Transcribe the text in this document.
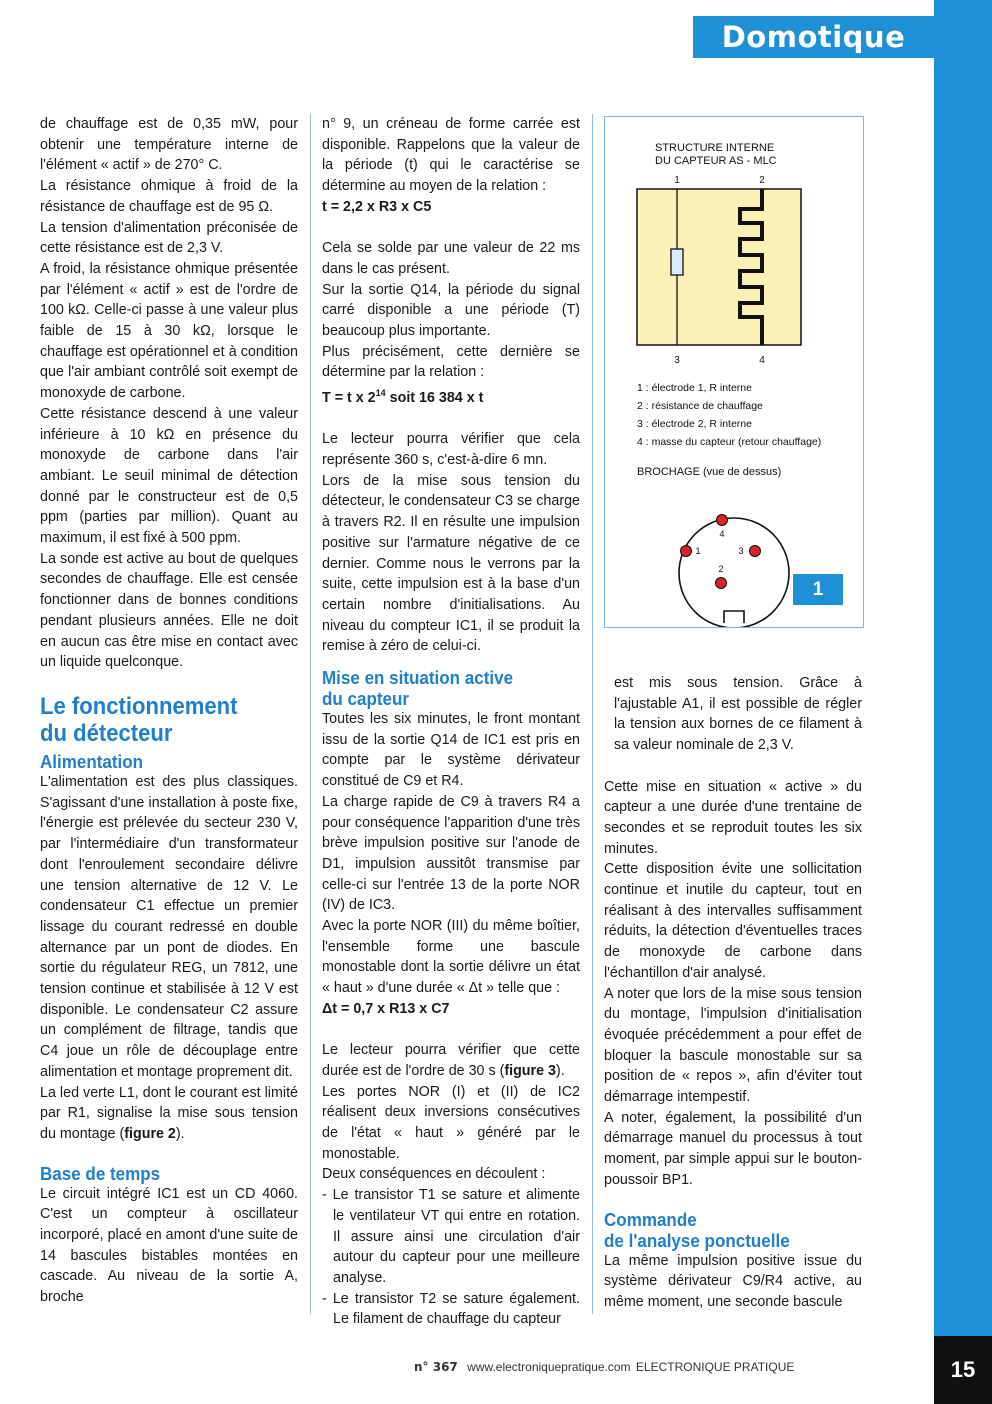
Domotique
15

de chauffage est de 0,35 mW, pour obtenir une température interne de l'élément « actif » de 270° C.

La résistance ohmique à froid de la résistance de chauffage est de 95 Ω.

La tension d'alimentation préconisée de cette résistance est de 2,3 V.

A froid, la résistance ohmique présentée par l'élément « actif » est de l'ordre de 100 kΩ. Celle-ci passe à une valeur plus faible de 15 à 30 kΩ, lorsque le chauffage est opérationnel et à condition que l'air ambiant contrôlé soit exempt de monoxyde de carbone.

Cette résistance descend à une valeur inférieure à 10 kΩ en présence du monoxyde de carbone dans l'air ambiant. Le seuil minimal de détection donné par le constructeur est de 0,5 ppm (parties par million). Quant au maximum, il est fixé à 500 ppm.

La sonde est active au bout de quelques secondes de chauffage. Elle est censée fonctionner dans de bonnes conditions pendant plusieurs années. Elle ne doit en aucun cas être mise en contact avec un liquide quelconque.

Le fonctionnement
du détecteur
Alimentation

L'alimentation est des plus classiques. S'agissant d'une installation à poste fixe, l'énergie est prélevée du secteur 230 V, par l'intermédiaire d'un transformateur dont l'enroulement secondaire délivre une tension alternative de 12 V. Le condensateur C1 effectue un premier lissage du courant redressé en double alternance par un pont de diodes. En sortie du régulateur REG, un 7812, une tension continue et stabilisée à 12 V est disponible. Le condensateur C2 assure un complément de filtrage, tandis que C4 joue un rôle de découplage entre alimentation et montage proprement dit.

La led verte L1, dont le courant est limité par R1, signalise la mise sous tension du montage (figure 2).

Base de temps

Le circuit intégré IC1 est un CD 4060. C'est un compteur à oscillateur incorporé, placé en amont d'une suite de 14 bascules bistables montées en cascade. Au niveau de la sortie A, broche

n° 9, un créneau de forme carrée est disponible. Rappelons que la valeur de la période (t) qui le caractérise se détermine au moyen de la relation :

t = 2,2 x R3 x C5

Cela se solde par une valeur de 22 ms dans le cas présent.

Sur la sortie Q14, la période du signal carré disponible a une période (T) beaucoup plus importante.

Plus précisément, cette dernière se détermine par la relation :

T = t x $2^{14}$ soit 16 384 x t

Le lecteur pourra vérifier que cela représente 360 s, c'est-à-dire 6 mn.

Lors de la mise sous tension du détecteur, le condensateur C3 se charge à travers R2. Il en résulte une impulsion positive sur l'armature négative de ce dernier. Comme nous le verrons par la suite, cette impulsion est à la base d'un certain nombre d'initialisations. Au niveau du compteur IC1, il se produit la remise à zéro de celui-ci.

Mise en situation active
du capteur

Toutes les six minutes, le front montant issu de la sortie Q14 de IC1 est pris en compte par le système dérivateur constitué de C9 et R4.

La charge rapide de C9 à travers R4 a pour conséquence l'apparition d'une très brève impulsion positive sur l'anode de D1, impulsion aussitôt transmise par celle-ci sur l'entrée 13 de la porte NOR (IV) de IC3.

Avec la porte NOR (III) du même boîtier, l'ensemble forme une bascule monostable dont la sortie délivre un état « haut » d'une durée « Δt » telle que :

Δt = 0,7 x R13 x C7

Le lecteur pourra vérifier que cette durée est de l'ordre de 30 s (figure 3).

Les portes NOR (I) et (II) de IC2 réalisent deux inversions consécutives de l'état « haut » généré par le monostable.

Deux conséquences en découlent :

- Le transistor T1 se sature et alimente le ventilateur VT qui entre en rotation. Il assure ainsi une circulation d'air autour du capteur pour une meilleure analyse.

- Le transistor T2 se sature également. Le filament de chauffage du capteur

STRUCTURE INTERNE
DU CAPTEUR AS - MLC
1	2
3	4
4
1	3
2
1 : électrode 1, R interne
2 : résistance de chauffage
3 : électrode 2, R interne
4 : masse du capteur (retour chauffage)
BROCHAGE (vue de dessus)
1

est mis sous tension. Grâce à l'ajustable A1, il est possible de régler la tension aux bornes de ce filament à sa valeur nominale de 2,3 V.

Cette mise en situation « active » du capteur a une durée d'une trentaine de secondes et se reproduit toutes les six minutes.

Cette disposition évite une sollicitation continue et inutile du capteur, tout en réalisant à des intervalles suffisamment réduits, la détection d'éventuelles traces de monoxyde de carbone dans l'échantillon d'air analysé.

A noter que lors de la mise sous tension du montage, l'impulsion d'initialisation évoquée précédemment a pour effet de bloquer la bascule monostable sur sa position de « repos », afin d'éviter tout démarrage intempestif.

A noter, également, la possibilité d'un démarrage manuel du processus à tout moment, par simple appui sur le bouton-poussoir BP1.

Commande
de l'analyse ponctuelle

La même impulsion positive issue du système dérivateur C9/R4 active, au même moment, une seconde bascule

n° 367 www.electroniquepratique.com ELECTRONIQUE PRATIQUE
